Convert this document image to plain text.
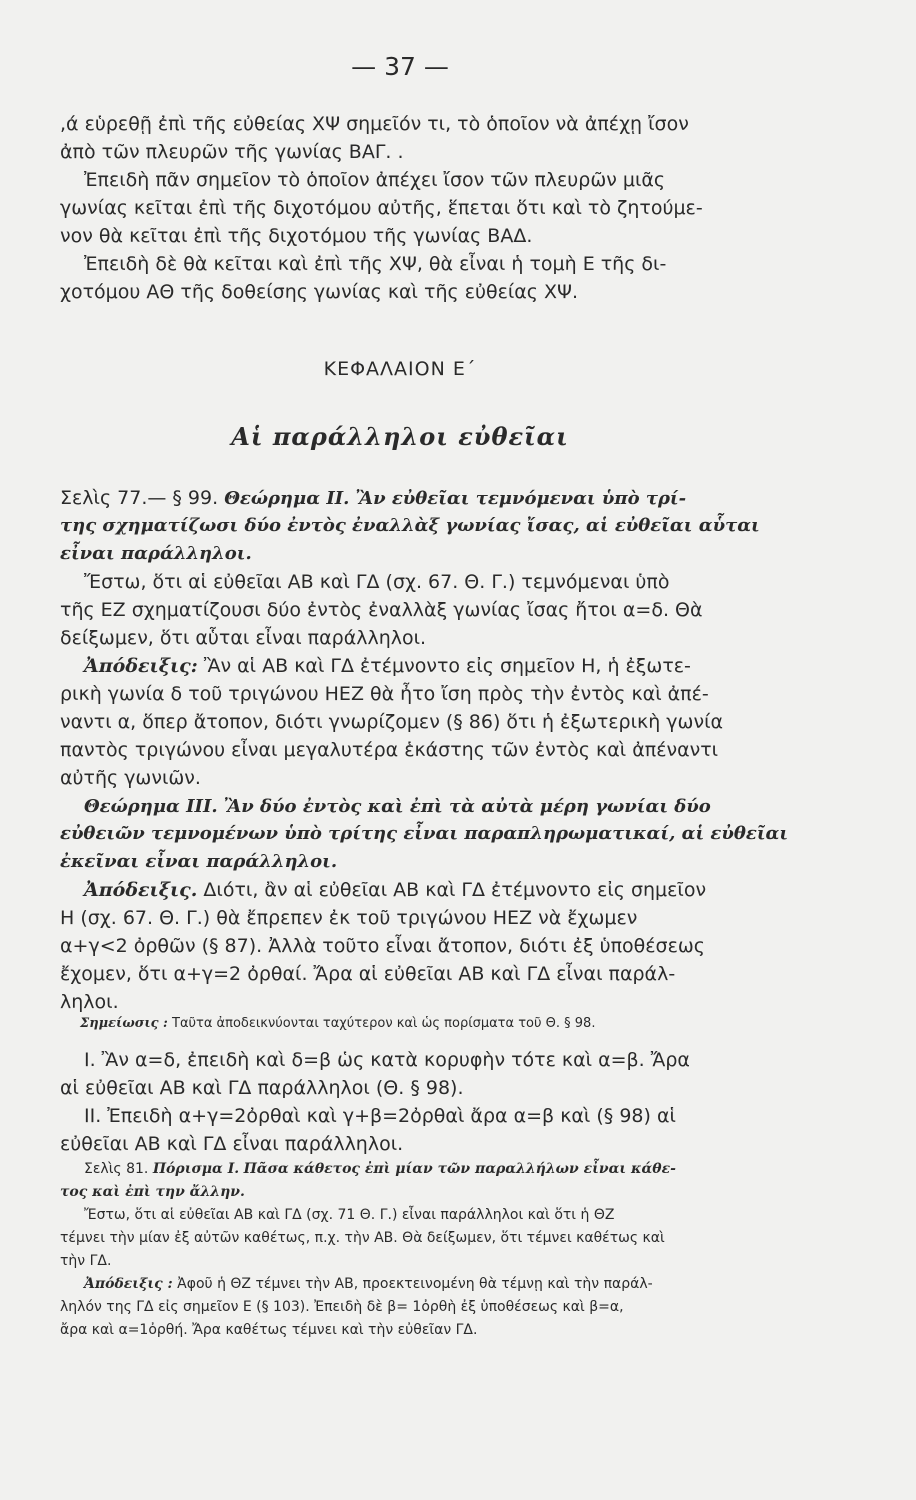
— 37 —
,ά εὑρεθῇ ἐπὶ τῆς εὐθείας ΧΨ σημεῖόν τι, τὸ ὁποῖον νὰ ἀπέχῃ ἴσον
ἀπὸ τῶν πλευρῶν τῆς γωνίας ΒΑΓ. .
Ἐπειδὴ πᾶν σημεῖον τὸ ὁποῖον ἀπέχει ἴσον τῶν πλευρῶν μιᾶς
γωνίας κεῖται ἐπὶ τῆς διχοτόμου αὐτῆς, ἕπεται ὅτι καὶ τὸ ζητούμε-
νον θὰ κεῖται ἐπὶ τῆς διχοτόμου τῆς γωνίας ΒΑΔ.
Ἐπειδὴ δὲ θὰ κεῖται καὶ ἐπὶ τῆς ΧΨ, θὰ εἶναι ἡ τομὴ Ε τῆς δι-
χοτόμου ΑΘ τῆς δοθείσης γωνίας καὶ τῆς εὐθείας ΧΨ.
ΚΕΦΑΛΑΙΟΝ Ε΄
Αἱ παράλληλοι εὐθεῖαι
Σελὶς 77.— § 99. Θεώρημα ΙΙ. Ἂν εὐθεῖαι τεμνόμεναι ὑπὸ τρί-
της σχηματίζωσι δύο ἐντὸς ἐναλλὰξ γωνίας ἴσας, αἱ εὐθεῖαι αὗται
εἶναι παράλληλοι.
Ἔστω, ὅτι αἱ εὐθεῖαι ΑΒ καὶ ΓΔ (σχ. 67. Θ. Γ.) τεμνόμεναι ὑπὸ
τῆς ΕΖ σχηματίζουσι δύο ἐντὸς ἐναλλὰξ γωνίας ἴσας ἤτοι α=δ. Θὰ
δείξωμεν, ὅτι αὗται εἶναι παράλληλοι.
Ἀπόδειξις: Ἂν αἱ ΑΒ καὶ ΓΔ ἐτέμνοντο εἰς σημεῖον Η, ἡ ἐξωτε-
ρικὴ γωνία δ τοῦ τριγώνου ΗΕΖ θὰ ἦτο ἴση πρὸς τὴν ἐντὸς καὶ ἀπέ-
ναντι α, ὅπερ ἄτοπον, διότι γνωρίζομεν (§ 86) ὅτι ἡ ἐξωτερικὴ γωνία
παντὸς τριγώνου εἶναι μεγαλυτέρα ἑκάστης τῶν ἐντὸς καὶ ἀπέναντι
αὐτῆς γωνιῶν.
Θεώρημα ΙΙΙ. Ἂν δύο ἐντὸς καὶ ἐπὶ τὰ αὐτὰ μέρη γωνίαι δύο
εὐθειῶν τεμνομένων ὑπὸ τρίτης εἶναι παραπληρωματικαί, αἱ εὐθεῖαι
ἐκεῖναι εἶναι παράλληλοι.
Ἀπόδειξις. Διότι, ἂν αἱ εὐθεῖαι ΑΒ καὶ ΓΔ ἐτέμνοντο εἰς σημεῖον
Η (σχ. 67. Θ. Γ.) θὰ ἔπρεπεν ἐκ τοῦ τριγώνου ΗΕΖ νὰ ἔχωμεν
α+γ<2 ὀρθῶν (§ 87). Ἀλλὰ τοῦτο εἶναι ἄτοπον, διότι ἐξ ὑποθέσεως
ἔχομεν, ὅτι α+γ=2 ὀρθαί. Ἄρα αἱ εὐθεῖαι ΑΒ καὶ ΓΔ εἶναι παράλ-
ληλοι.
Σημείωσις : Ταῦτα ἀποδεικνύονται ταχύτερον καὶ ὡς πορίσματα τοῦ Θ. § 98.
Ι. Ἂν α=δ, ἐπειδὴ καὶ δ=β ὡς κατὰ κορυφὴν τότε καὶ α=β. Ἄρα
αἱ εὐθεῖαι ΑΒ καὶ ΓΔ παράλληλοι (Θ. § 98).
ΙΙ. Ἐπειδὴ α+γ=2ὀρθαὶ καὶ γ+β=2ὀρθαὶ ἄρα α=β καὶ (§ 98) αἱ
εὐθεῖαι ΑΒ καὶ ΓΔ εἶναι παράλληλοι.
Σελὶς 81. Πόρισμα Ι. Πᾶσα κάθετος ἐπὶ μίαν τῶν παραλλήλων εἶναι κάθε-
τος καὶ ἐπὶ την ἄλλην.
Ἔστω, ὅτι αἱ εὐθεῖαι ΑΒ καὶ ΓΔ (σχ. 71 Θ. Γ.) εἶναι παράλληλοι καὶ ὅτι ἡ ΘΖ
τέμνει τὴν μίαν ἐξ αὐτῶν καθέτως, π.χ. τὴν ΑΒ. Θὰ δείξωμεν, ὅτι τέμνει καθέτως καὶ
τὴν ΓΔ.
Ἀπόδειξις : Ἀφοῦ ἡ ΘΖ τέμνει τὴν ΑΒ, προεκτεινομένη θὰ τέμνῃ καὶ τὴν παράλ-
ληλόν της ΓΔ εἰς σημεῖον Ε (§ 103). Ἐπειδὴ δὲ β= 1ὀρθὴ ἐξ ὑποθέσεως καὶ β=α,
ἄρα καὶ α=1ὀρθή. Ἄρα καθέτως τέμνει καὶ τὴν εὐθεῖαν ΓΔ.
